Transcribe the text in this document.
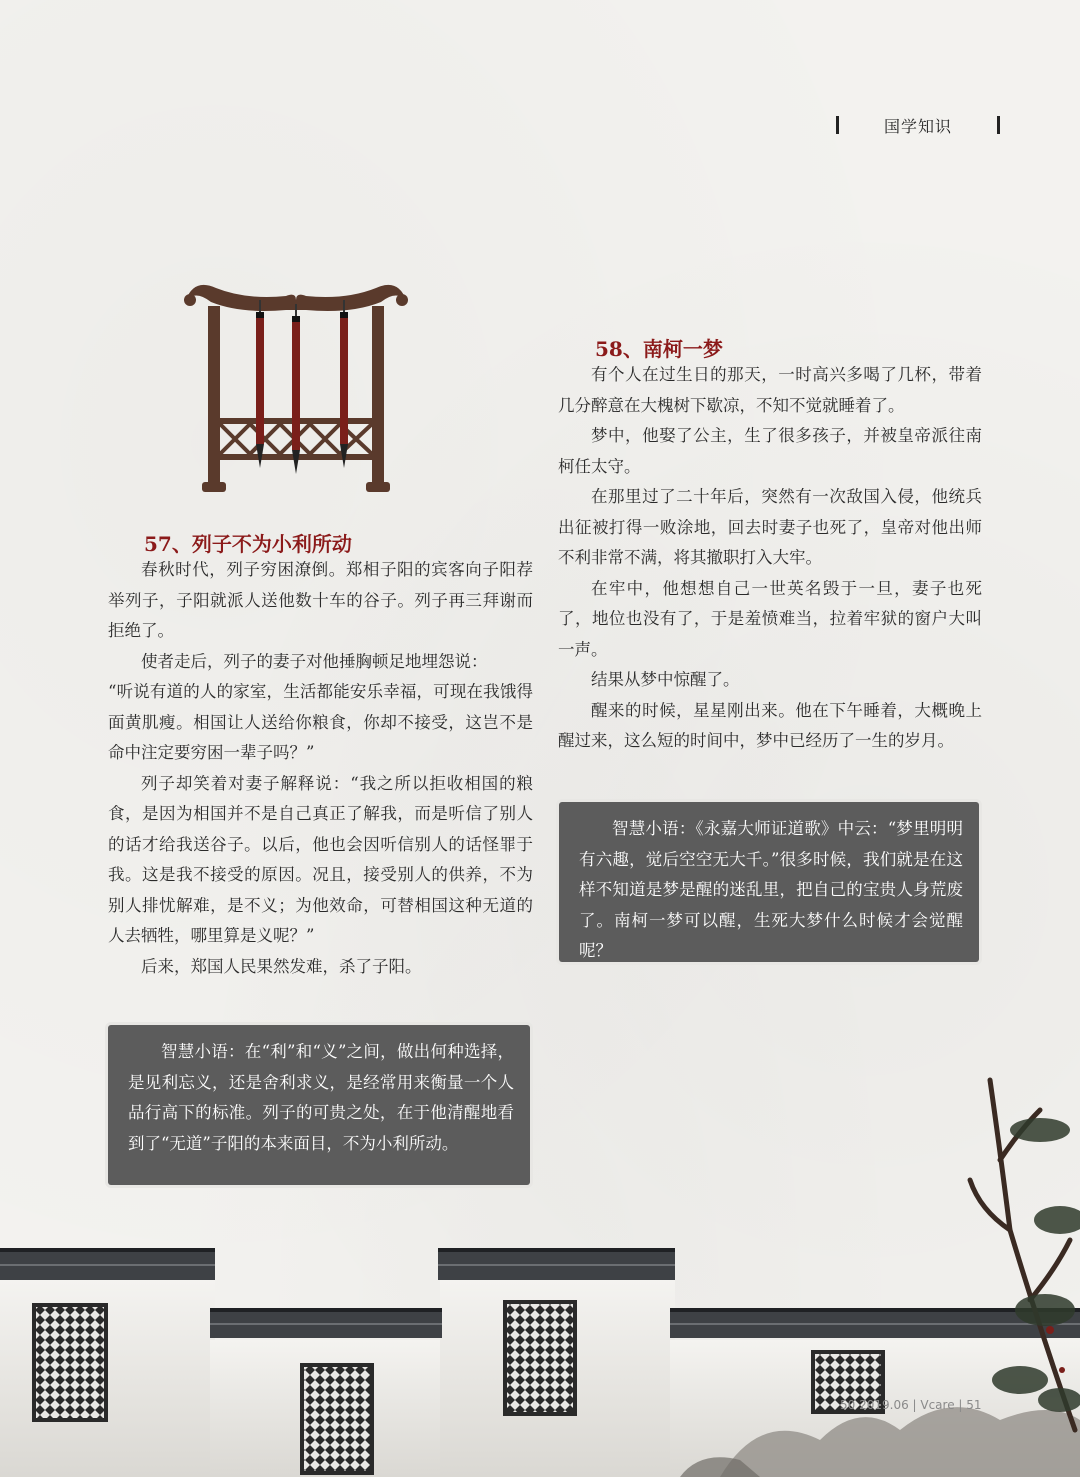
国学知识
57、列子不为小利所动

春秋时代，列子穷困潦倒。郑相子阳的宾客向子阳荐举列子，子阳就派人送他数十车的谷子。列子再三拜谢而拒绝了。

使者走后，列子的妻子对他捶胸顿足地埋怨说：

“听说有道的人的家室，生活都能安乐幸福，可现在我饿得面黄肌瘦。相国让人送给你粮食，你却不接受，这岂不是命中注定要穷困一辈子吗？”

列子却笑着对妻子解释说：“我之所以拒收相国的粮食，是因为相国并不是自己真正了解我，而是听信了别人的话才给我送谷子。以后，他也会因听信别人的话怪罪于我。这是我不接受的原因。况且，接受别人的供养，不为别人排忧解难，是不义；为他效命，可替相国这种无道的人去牺牲，哪里算是义呢？”

后来，郑国人民果然发难，杀了子阳。

智慧小语：在“利”和“义”之间，做出何种选择，是见利忘义，还是舍利求义，是经常用来衡量一个人品行高下的标准。列子的可贵之处，在于他清醒地看到了“无道”子阳的本来面目，不为小利所动。

58、南柯一梦

有个人在过生日的那天，一时高兴多喝了几杯，带着几分醉意在大槐树下歇凉，不知不觉就睡着了。

梦中，他娶了公主，生了很多孩子，并被皇帝派往南柯任太守。

在那里过了二十年后，突然有一次敌国入侵，他统兵出征被打得一败涂地，回去时妻子也死了，皇帝对他出师不利非常不满，将其撤职打入大牢。

在牢中，他想想自己一世英名毁于一旦，妻子也死了，地位也没有了，于是羞愤难当，拉着牢狱的窗户大叫一声。

结果从梦中惊醒了。

醒来的时候，星星刚出来。他在下午睡着，大概晚上醒过来，这么短的时间中，梦中已经历了一生的岁月。

智慧小语：《永嘉大师证道歌》中云：“梦里明明有六趣，觉后空空无大千。”很多时候，我们就是在这样不知道是梦是醒的迷乱里，把自己的宝贵人身荒废了。南柯一梦可以醒，生死大梦什么时候才会觉醒呢？

50 2019.06 | Vcare | 51
